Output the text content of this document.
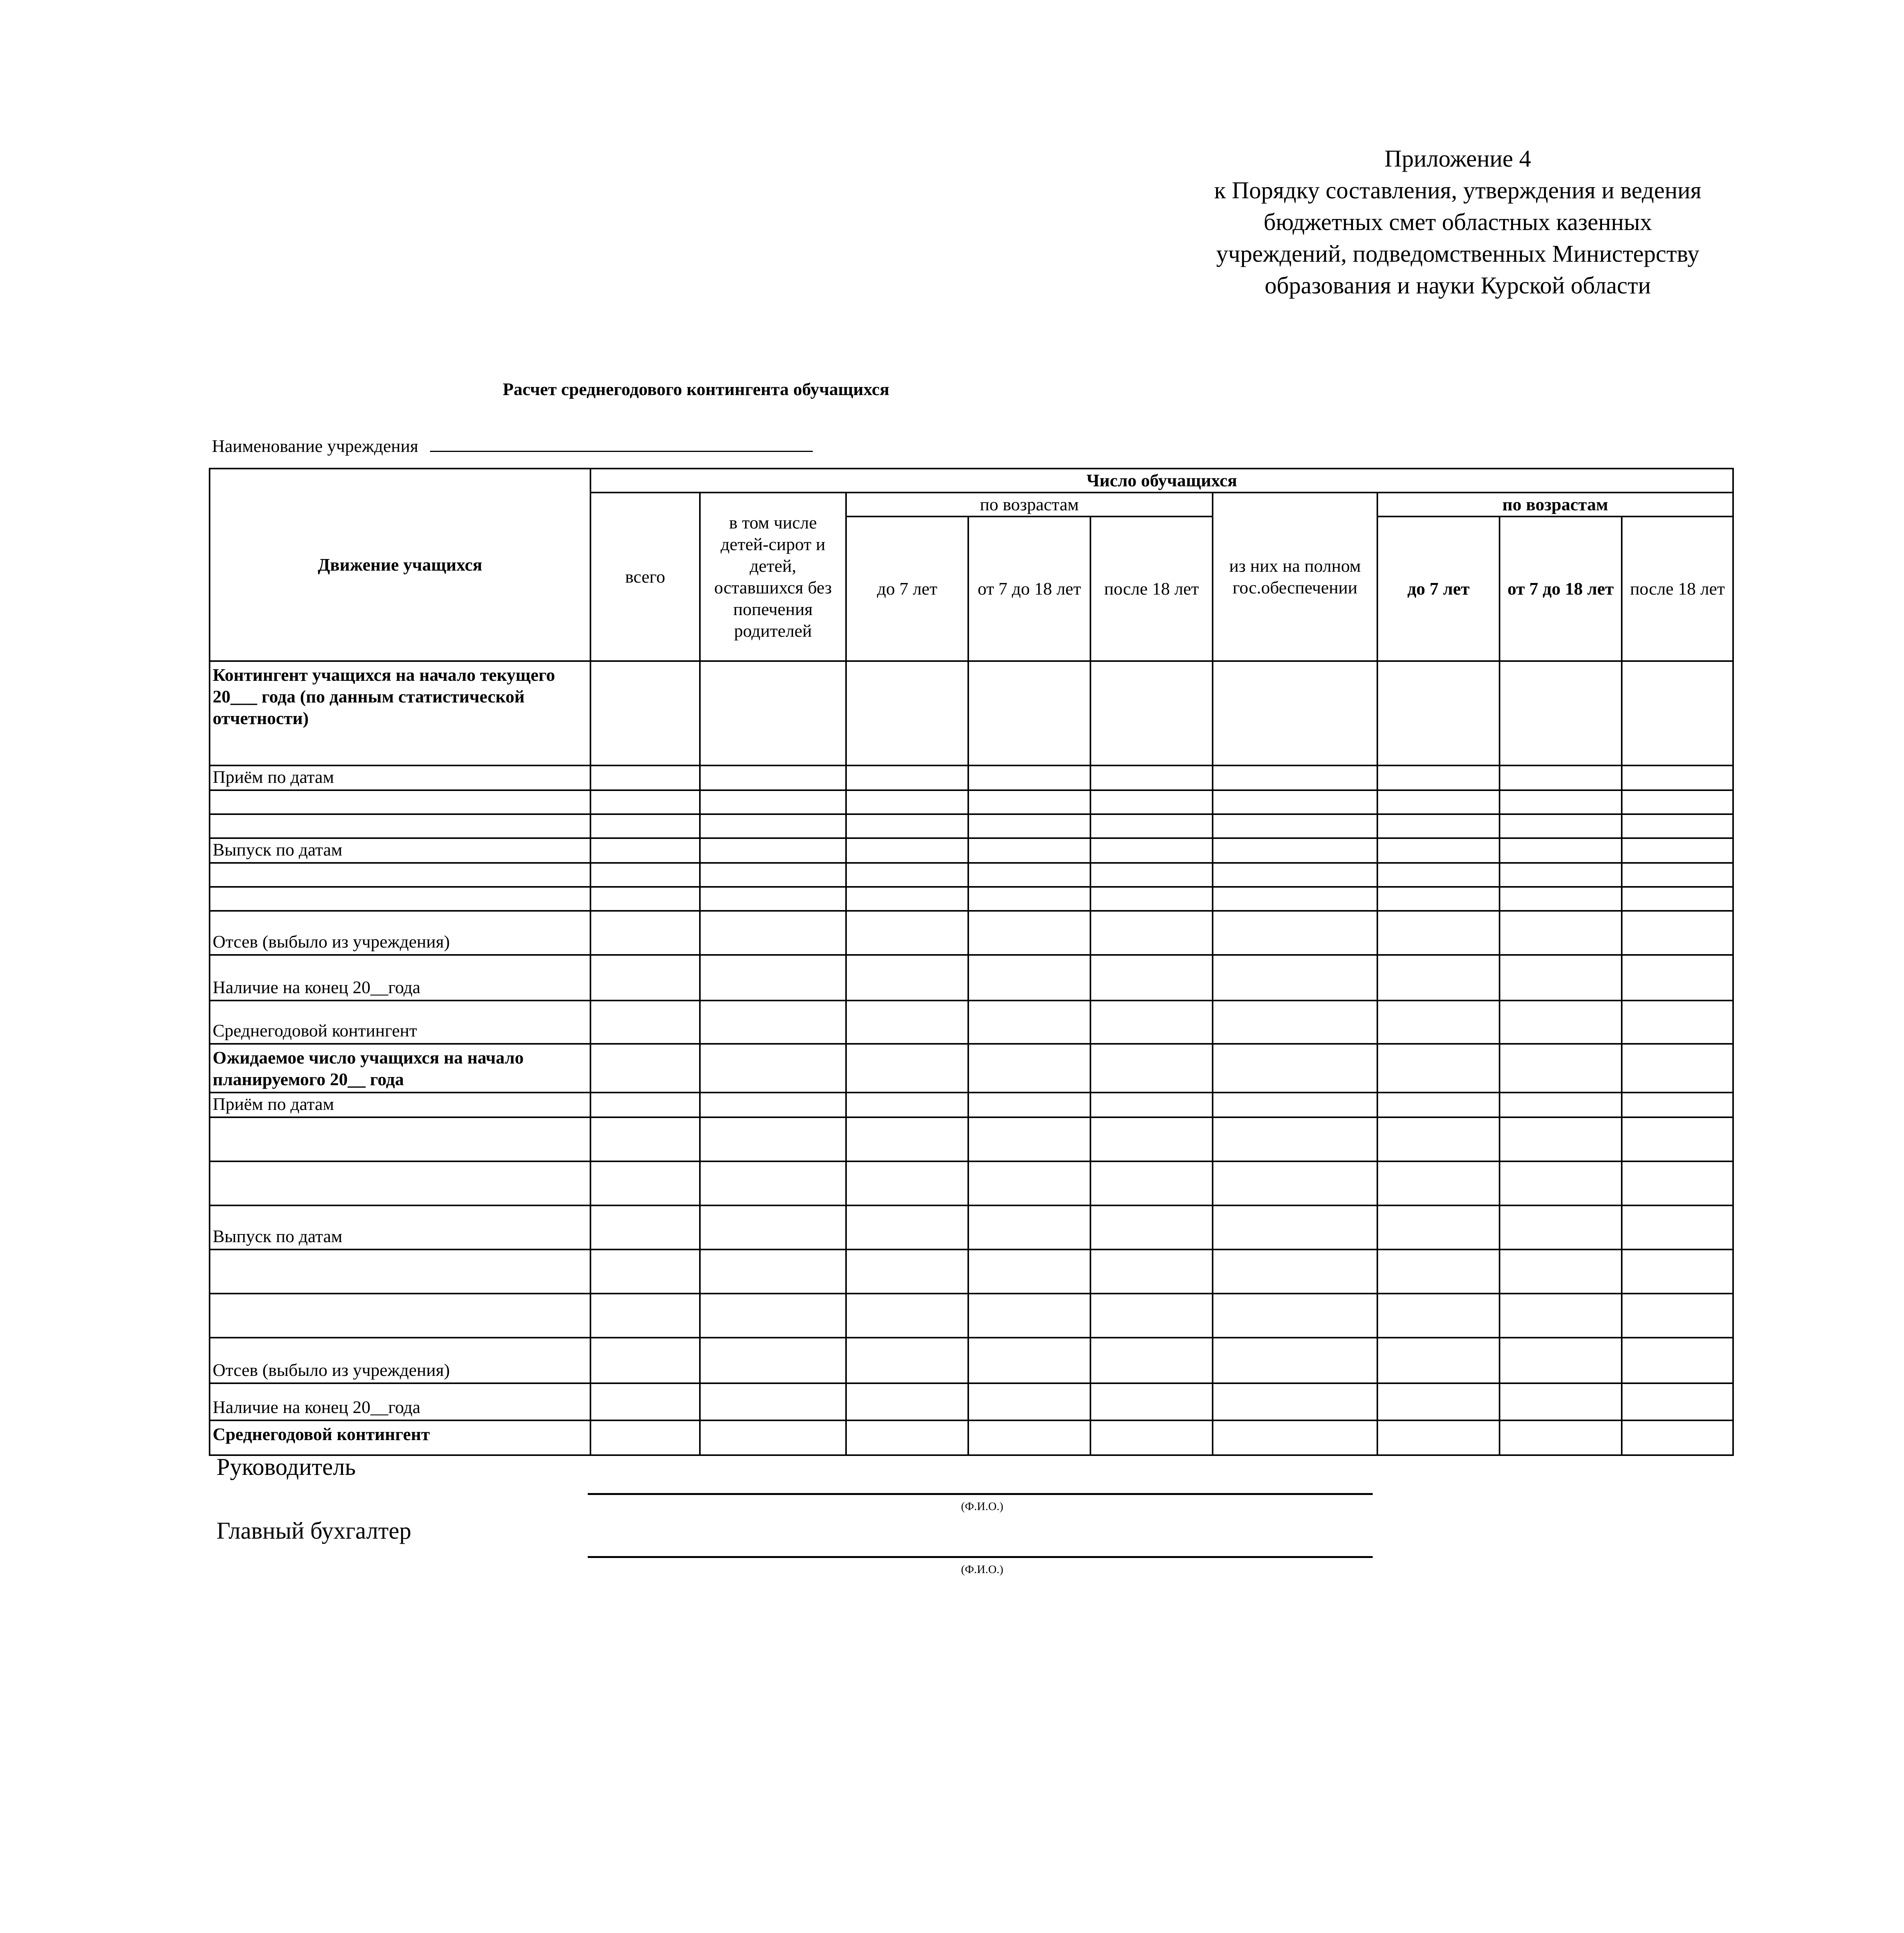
Приложение 4
к Порядку составления, утверждения и ведения
бюджетных смет областных казенных
учреждений, подведомственных Министерству
образования и науки Курской области
Расчет среднегодового контингента обучащихся
Наименование учреждения
Движение учащихся	Число обучащихся								
	всего	в том числе детей-сирот и детей, оставшихся без попечения родителей	по возрастам			из них на полном гос.обеспечении	по возрастам		
			до 7 лет	от 7 до 18 лет	после 18 лет		до 7 лет	от 7 до 18 лет	после 18 лет

Контингент учащихся на начало текущего 20___ года (по данным статистической отчетности)									
Приём по датам									

Выпуск по датам									

Отсев (выбыло из учреждения)									
Наличие на конец 20__года									
Среднегодовой контингент									
Ожидаемое число учащихся на начало планируемого 20__ года									
Приём по датам									

Выпуск по датам									

Отсев (выбыло из учреждения)									
Наличие на конец 20__года									
Среднегодовой контингент									
Руководитель
(Ф.И.О.)
Главный бухгалтер
(Ф.И.О.)
